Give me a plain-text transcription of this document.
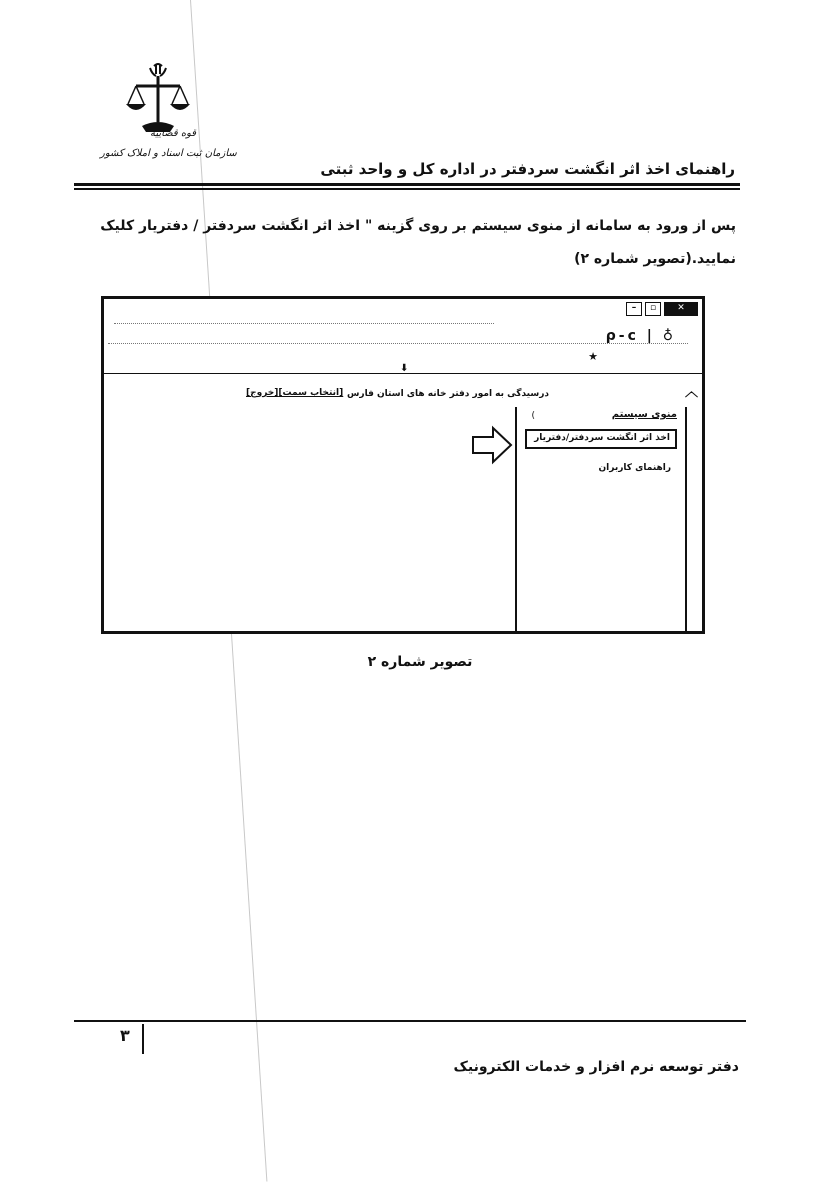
قوه قضاییه
سازمان ثبت اسناد و املاک کشور
راهنمای اخذ اثر انگشت سردفتر در اداره کل و واحد ثبتی
پس از ورود به سامانه از منوی سیستم بر روی گزینه " اخذ اثر انگشت سردفتر / دفتریار کلیک نمایید.(تصویر شماره ۲)
–	▫	✕
ρ-c | ♁
★
⬇
︿
[انتخاب سمت][خروج]	درسیدگی به امور دفتر خانه های استان فارس
منوی سیستم
(
اخذ اثر انگشت سردفتر/دفتریار
راهنمای کاربران
تصویر شماره ۲
۳
دفتر توسعه نرم افزار و خدمات الکترونیک
